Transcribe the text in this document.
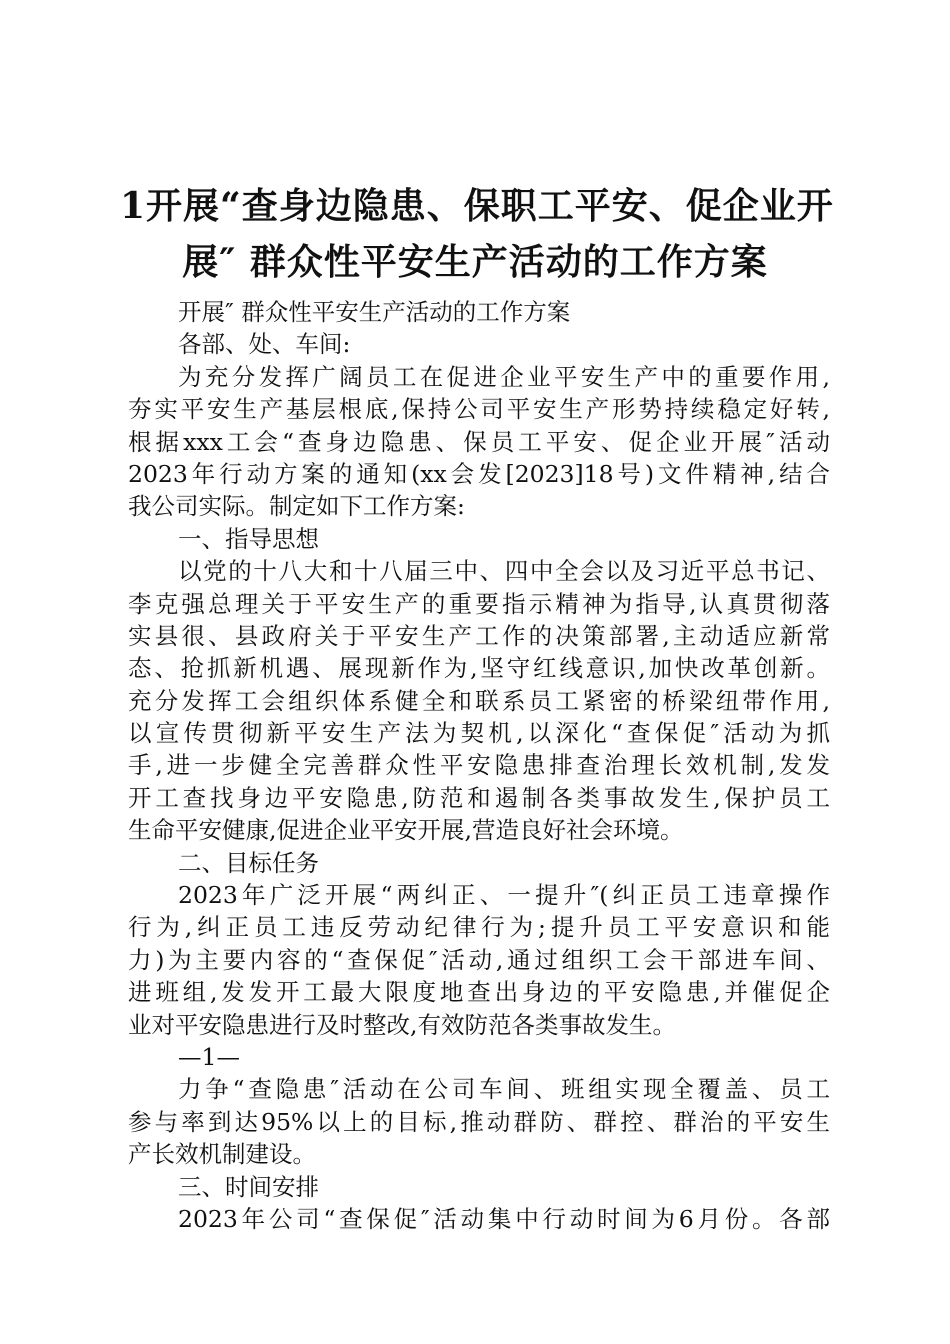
1开展“查身边隐患、保职工平安、促企业开
展″ 群众性平安生产活动的工作方案
开展″ 群众性平安生产活动的工作方案
各部、处、车间:
为充分发挥广阔员工在促进企业平安生产中的重要作用,
夯实平安生产基层根底,保持公司平安生产形势持续稳定好转,
根据xxx工会“查身边隐患、保员工平安、促企业开展″活动
2023年行动方案的通知(xx会发[2023]18号)文件精神,结合
我公司实际。制定如下工作方案:
一、指导思想
以党的十八大和十八届三中、四中全会以及习近平总书记、
李克强总理关于平安生产的重要指示精神为指导,认真贯彻落
实县很、县政府关于平安生产工作的决策部署,主动适应新常
态、抢抓新机遇、展现新作为,坚守红线意识,加快改革创新。
充分发挥工会组织体系健全和联系员工紧密的桥梁纽带作用,
以宣传贯彻新平安生产法为契机,以深化“查保促″活动为抓
手,进一步健全完善群众性平安隐患排查治理长效机制,发发
开工查找身边平安隐患,防范和遏制各类事故发生,保护员工
生命平安健康,促进企业平安开展,营造良好社会环境。
二、目标任务
2023年广泛开展“两纠正、一提升″(纠正员工违章操作
行为,纠正员工违反劳动纪律行为;提升员工平安意识和能
力)为主要内容的“查保促″活动,通过组织工会干部进车间、
进班组,发发开工最大限度地查出身边的平安隐患,并催促企
业对平安隐患进行及时整改,有效防范各类事故发生。
—1—
力争“查隐患″活动在公司车间、班组实现全覆盖、员工
参与率到达95%以上的目标,推动群防、群控、群治的平安生
产长效机制建设。
三、时间安排
2023年公司“查保促″活动集中行动时间为6月份。各部
